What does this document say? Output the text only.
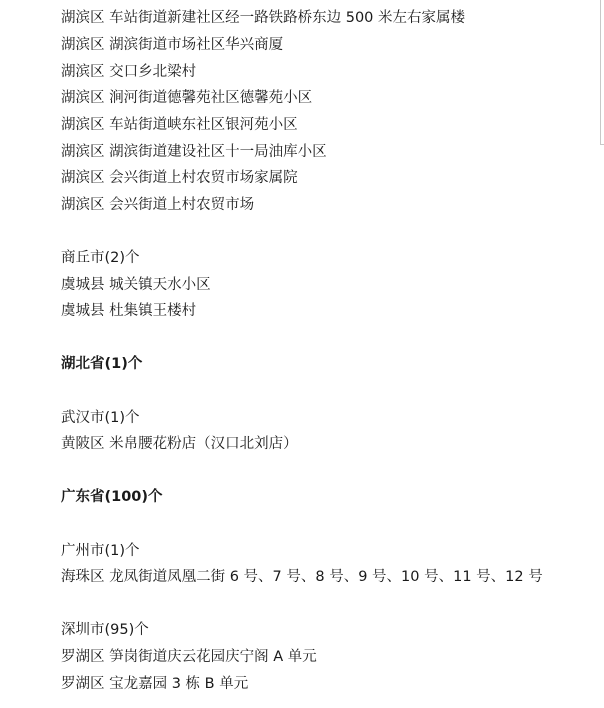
湖滨区 车站街道新建社区经一路铁路桥东边 500 米左右家属楼
湖滨区 湖滨街道市场社区华兴商厦
湖滨区 交口乡北梁村
湖滨区 涧河街道德馨苑社区德馨苑小区
湖滨区 车站街道峡东社区银河苑小区
湖滨区 湖滨街道建设社区十一局油库小区
湖滨区 会兴街道上村农贸市场家属院
湖滨区 会兴街道上村农贸市场
商丘市(2)个
虞城县 城关镇天水小区
虞城县 杜集镇王楼村
湖北省(1)个
武汉市(1)个
黄陂区 米帛腰花粉店（汉口北刘店）
广东省(100)个
广州市(1)个
海珠区 龙凤街道凤凰二街 6 号、7 号、8 号、9 号、10 号、11 号、12 号
深圳市(95)个
罗湖区 笋岗街道庆云花园庆宁阁 A 单元
罗湖区 宝龙嘉园 3 栋 B 单元
